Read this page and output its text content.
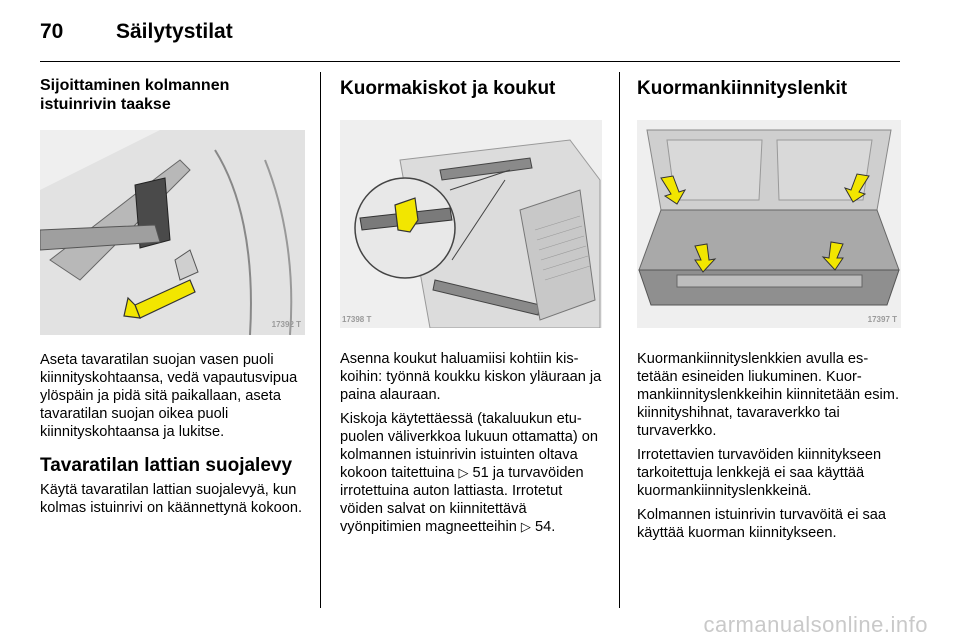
70	Säilytystilat
Sijoittaminen kolmannen istuinrivin taakse
17392 T

Aseta tavaratilan suojan vasen puoli kiinnityskohtaansa, vedä vapautusvipua ylöspäin ja pidä sitä paikallaan, aseta tavaratilan suojan oikea puoli kiinnityskohtaansa ja lukitse.

Tavaratilan lattian suojalevy

Käytä tavaratilan lattian suojalevyä, kun kolmas istuinrivi on käännettynä kokoon.

Kuormakiskot ja koukut
17398 T

Asenna koukut haluamiisi kohtiin kiskoihin: työnnä koukku kiskon yläuraan ja paina alauraan.

Kiskoja käytettäessä (takaluukun etupuolen väliverkkoa lukuun ottamatta) on kolmannen istuinrivin istuinten oltava kokoon taitettuina ▷ 51 ja turvavöiden irrotettuina auton lattiasta. Irrotetut vöiden salvat on kiinnitettävä vyönpitimien magneetteihin ▷ 54.

Kuormankiinnityslenkit
17397 T

Kuormankiinnityslenkkien avulla estetään esineiden liukuminen. Kuormankiinnityslenkkeihin kiinnitetään esim. kiinnityshihnat, tavaraverkko tai turvaverkko.

Irrotettavien turvavöiden kiinnitykseen tarkoitettuja lenkkejä ei saa käyttää kuormankiinnityslenkkeinä.

Kolmannen istuinrivin turvavöitä ei saa käyttää kuorman kiinnitykseen.

carmanualsonline.info
